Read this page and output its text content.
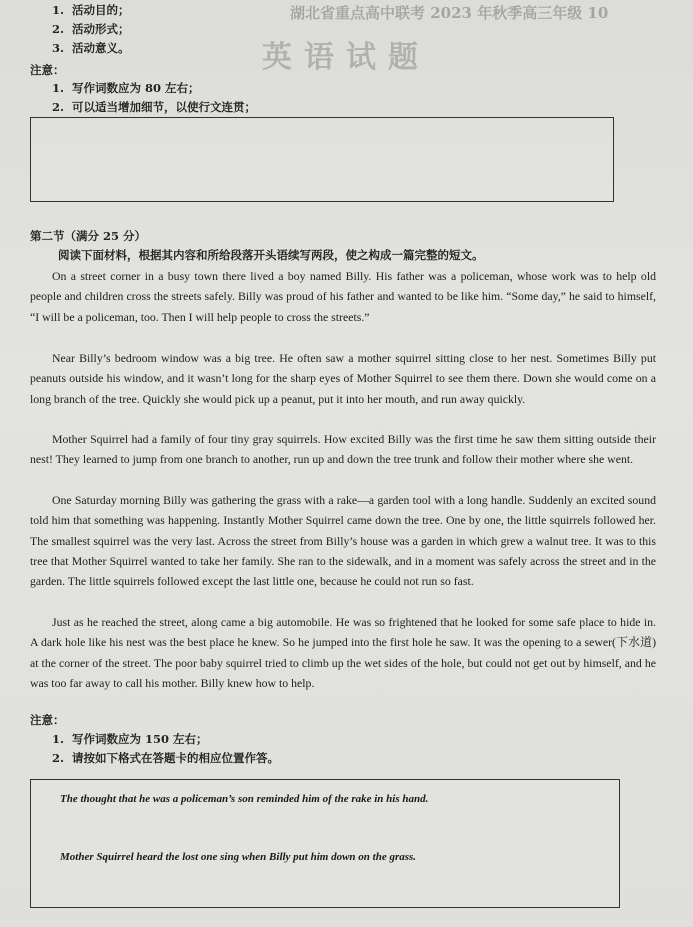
湖北省重点高中联考 2023 年秋季高三年级 10
英语试题
1. 活动目的；
2. 活动形式；
3. 活动意义。
注意：
1. 写作词数应为 80 左右；
2. 可以适当增加细节，以使行文连贯；
第二节（满分 25 分）
阅读下面材料，根据其内容和所给段落开头语续写两段，使之构成一篇完整的短文。
On a street corner in a busy town there lived a boy named Billy. His father was a policeman, whose work was to help old people and children cross the streets safely. Billy was proud of his father and wanted to be like him. “Some day,” he said to himself, “I will be a policeman, too. Then I will help people to cross the streets.”
Near Billy’s bedroom window was a big tree. He often saw a mother squirrel sitting close to her nest. Sometimes Billy put peanuts outside his window, and it wasn’t long for the sharp eyes of Mother Squirrel to see them there. Down she would come on a long branch of the tree. Quickly she would pick up a peanut, put it into her mouth, and run away quickly.
Mother Squirrel had a family of four tiny gray squirrels. How excited Billy was the first time he saw them sitting outside their nest! They learned to jump from one branch to another, run up and down the tree trunk and follow their mother where she went.
One Saturday morning Billy was gathering the grass with a rake—a garden tool with a long handle. Suddenly an excited sound told him that something was happening. Instantly Mother Squirrel came down the tree. One by one, the little squirrels followed her. The smallest squirrel was the very last. Across the street from Billy’s house was a garden in which grew a walnut tree. It was to this tree that Mother Squirrel wanted to take her family. She ran to the sidewalk, and in a moment was safely across the street and in the garden. The little squirrels followed except the last little one, because he could not run so fast.
Just as he reached the street, along came a big automobile. He was so frightened that he looked for some safe place to hide in. A dark hole like his nest was the best place he knew. So he jumped into the first hole he saw. It was the opening to a sewer(下水道) at the corner of the street. The poor baby squirrel tried to climb up the wet sides of the hole, but could not get out by himself, and he was too far away to call his mother. Billy knew how to help.
注意：
1. 写作词数应为 150 左右；
2. 请按如下格式在答题卡的相应位置作答。
The thought that he was a policeman’s son reminded him of the rake in his hand.
Mother Squirrel heard the lost one sing when Billy put him down on the grass.
